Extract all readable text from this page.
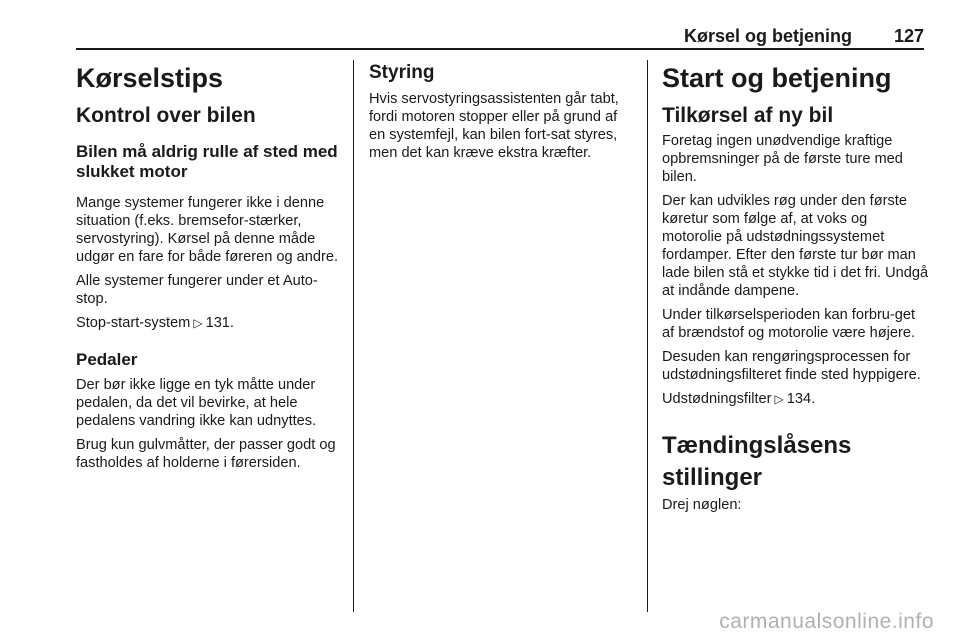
Kørsel og betjening 127
Kørselstips
Kontrol over bilen
Bilen må aldrig rulle af sted med slukket motor

Mange systemer fungerer ikke i denne situation (f.eks. bremsefor-stærker, servostyring). Kørsel på denne måde udgør en fare for både føreren og andre.

Alle systemer fungerer under et Auto-stop.

Stop-start-system ▷ 131.

Pedaler

Der bør ikke ligge en tyk måtte under pedalen, da det vil bevirke, at hele pedalens vandring ikke kan udnyttes.

Brug kun gulvmåtter, der passer godt og fastholdes af holderne i førersiden.

Styring

Hvis servostyringsassistenten går tabt, fordi motoren stopper eller på grund af en systemfejl, kan bilen fort-sat styres, men det kan kræve ekstra kræfter.

Start og betjening
Tilkørsel af ny bil

Foretag ingen unødvendige kraftige opbremsninger på de første ture med bilen.

Der kan udvikles røg under den første køretur som følge af, at voks og motorolie på udstødningssystemet fordamper. Efter den første tur bør man lade bilen stå et stykke tid i det fri. Undgå at indånde dampene.

Under tilkørselsperioden kan forbru-get af brændstof og motorolie være højere.

Desuden kan rengøringsprocessen for udstødningsfilteret finde sted hyppigere.

Udstødningsfilter ▷ 134.

Tændingslåsens stillinger

Drej nøglen:

carmanualsonline.info
